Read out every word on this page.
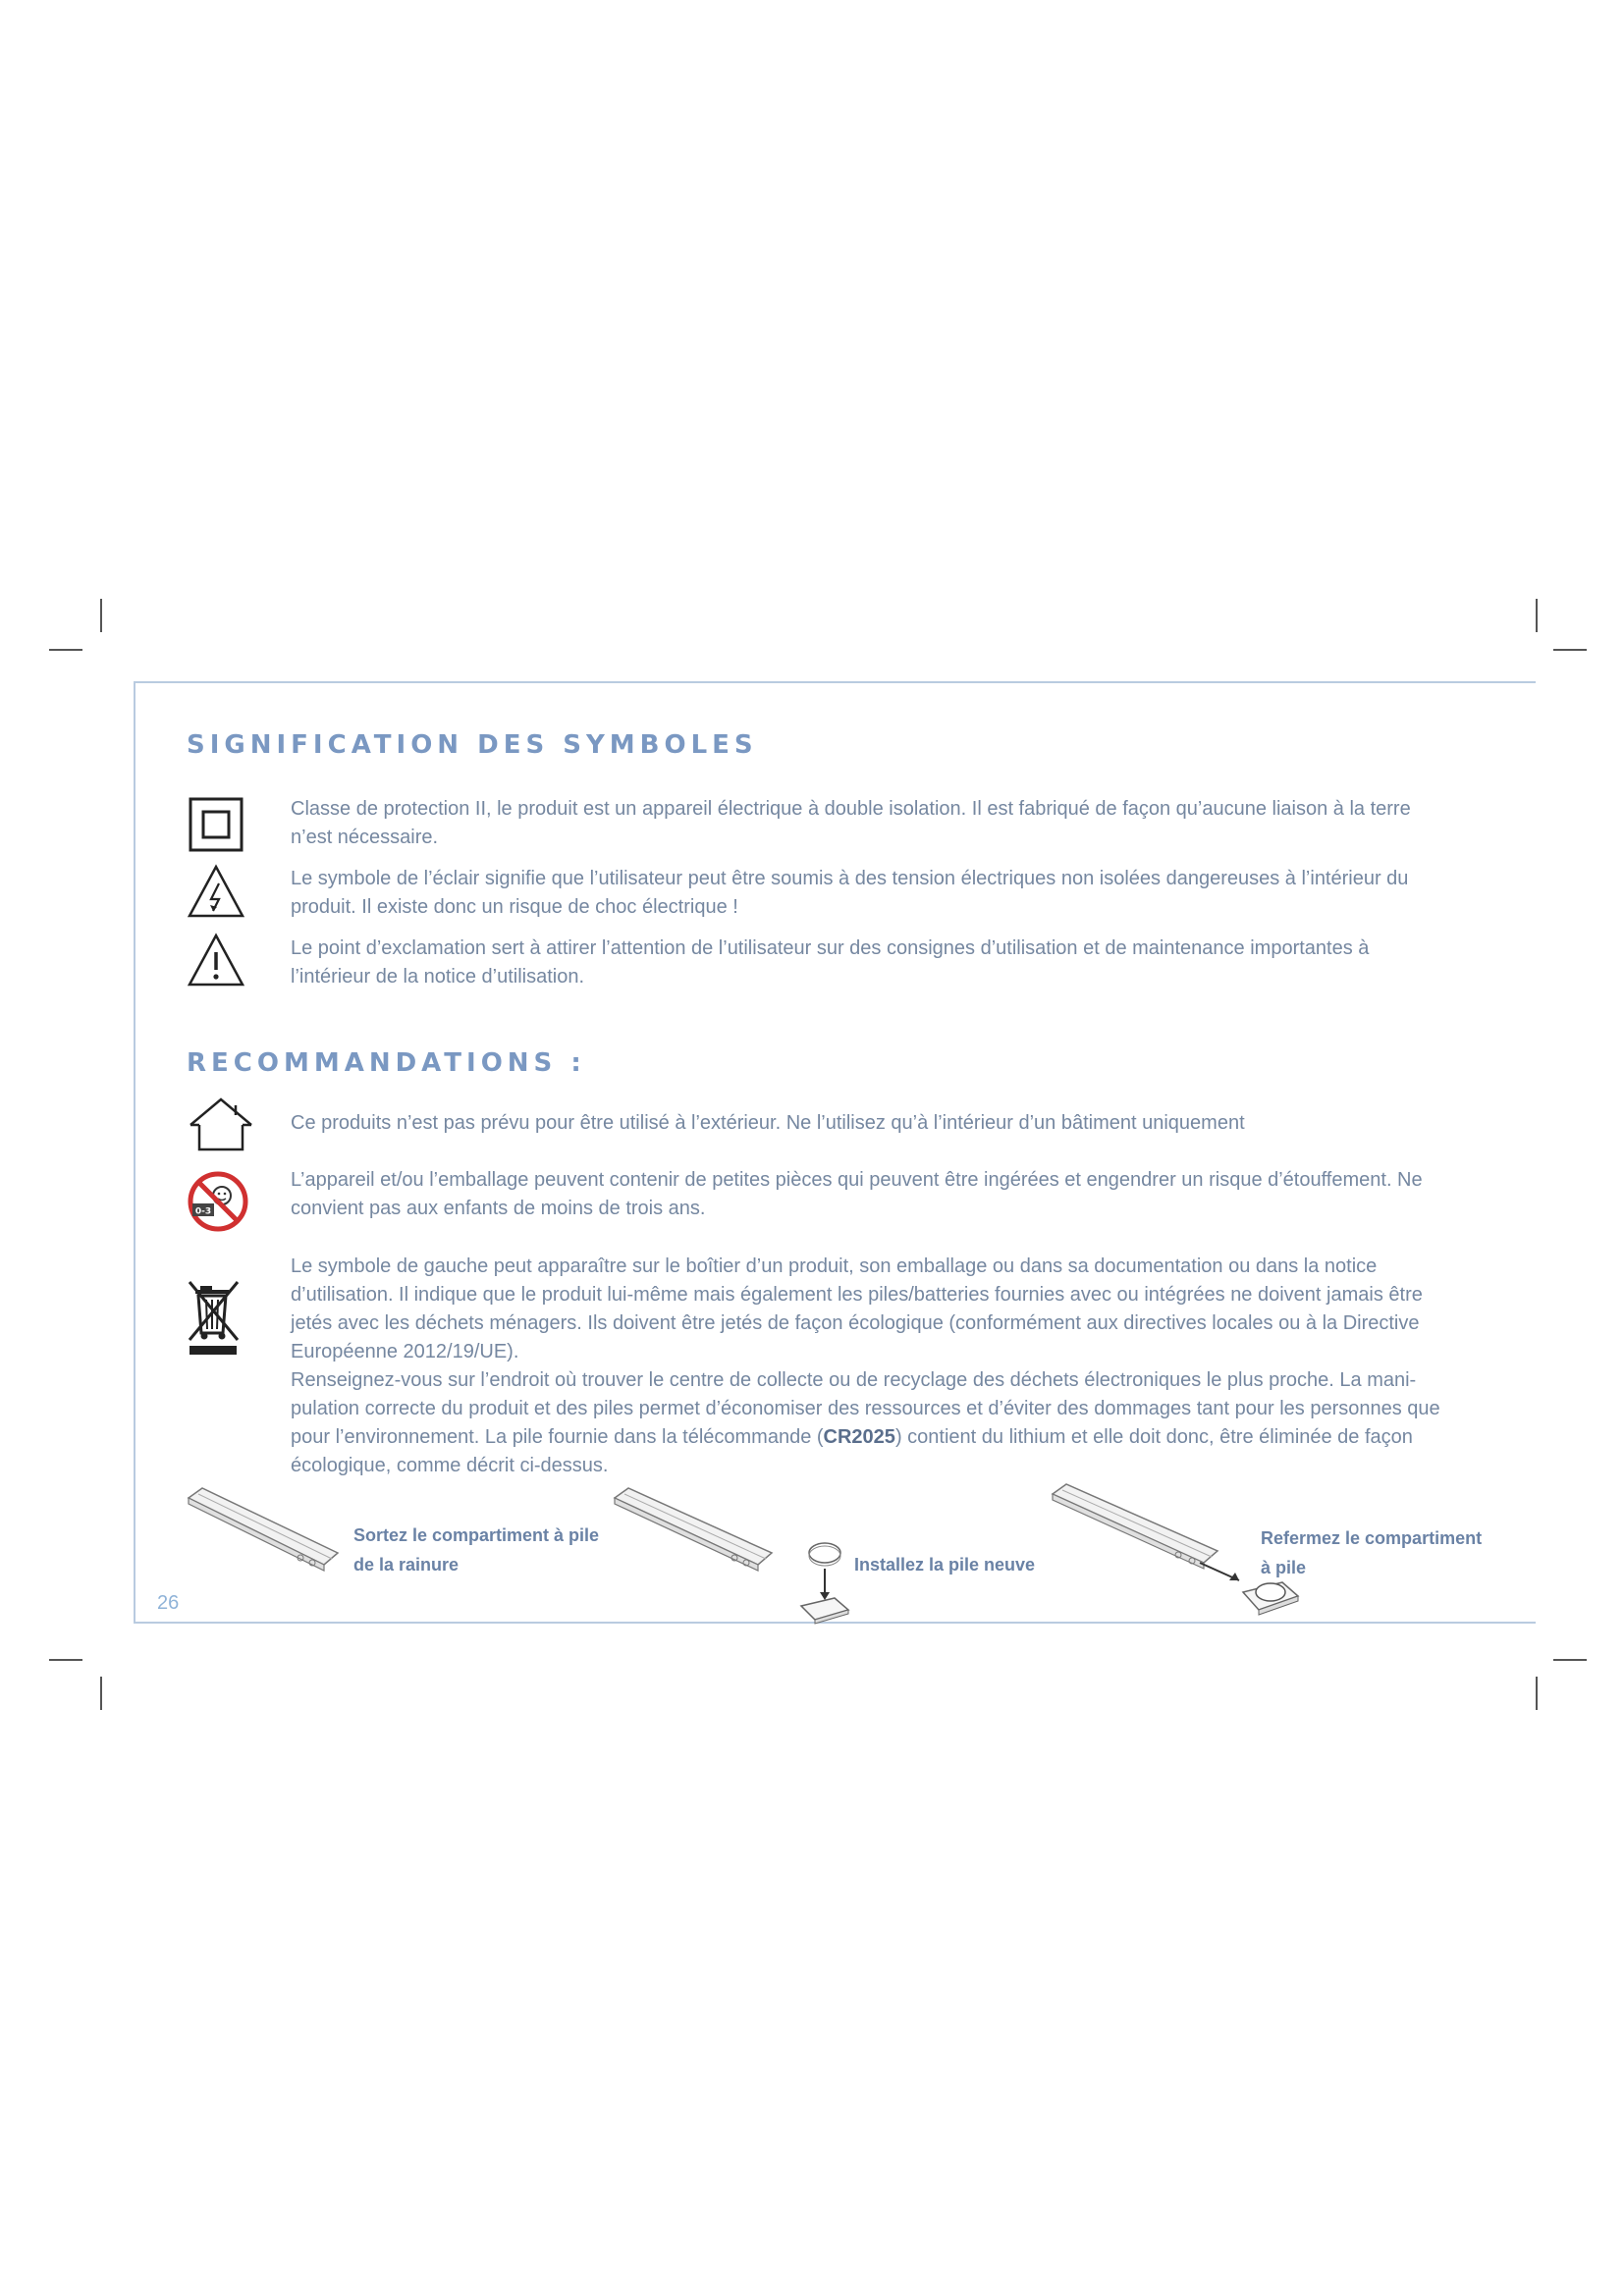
SIGNIFICATION DES SYMBOLES

Classe de protection II, le produit est un appareil électrique à double isolation. Il est fabriqué de façon qu’aucune liaison à la terre n’est nécessaire.

Le symbole de l’éclair signifie que l’utilisateur peut être soumis à des tension électriques non isolées dangereuses à l’intérieur du produit. Il existe donc un risque de choc électrique !

Le point d’exclamation sert à attirer l’attention de l’utilisateur sur des consignes d’utilisation et de maintenance importantes à l’intérieur de la notice d’utilisation.

RECOMMANDATIONS :

Ce produits n’est pas prévu pour être utilisé à l’extérieur. Ne l’utilisez qu’à l’intérieur d’un bâtiment uniquement

0-3

L’appareil et/ou l’emballage peuvent contenir de petites pièces qui peuvent être ingérées et engendrer un risque d’étouffement. Ne convient pas aux enfants de moins de trois ans.

Le symbole de gauche peut apparaître sur le boîtier d’un produit, son emballage ou dans sa documentation ou dans la notice d’utilisation. Il indique que le produit lui-même mais également les piles/batteries fournies avec ou intégrées ne doivent jamais être jetés avec les déchets ménagers. Ils doivent être jetés de façon écologique (conformément aux directives locales ou à la Directive Européenne 2012/19/UE).

Renseignez-vous sur l’endroit où trouver le centre de collecte ou de recyclage des déchets électroniques le plus proche. La mani-pulation correcte du produit et des piles permet d’économiser des ressources et d’éviter des dommages tant pour les personnes que pour l’environnement. La pile fournie dans la télécommande (CR2025) contient du lithium et elle doit donc, être éliminée de façon écologique, comme décrit ci-dessus.

Sortez le compartiment à pile
de la rainure	Installez la pile neuve
Refermez le compartiment
à pile
26
